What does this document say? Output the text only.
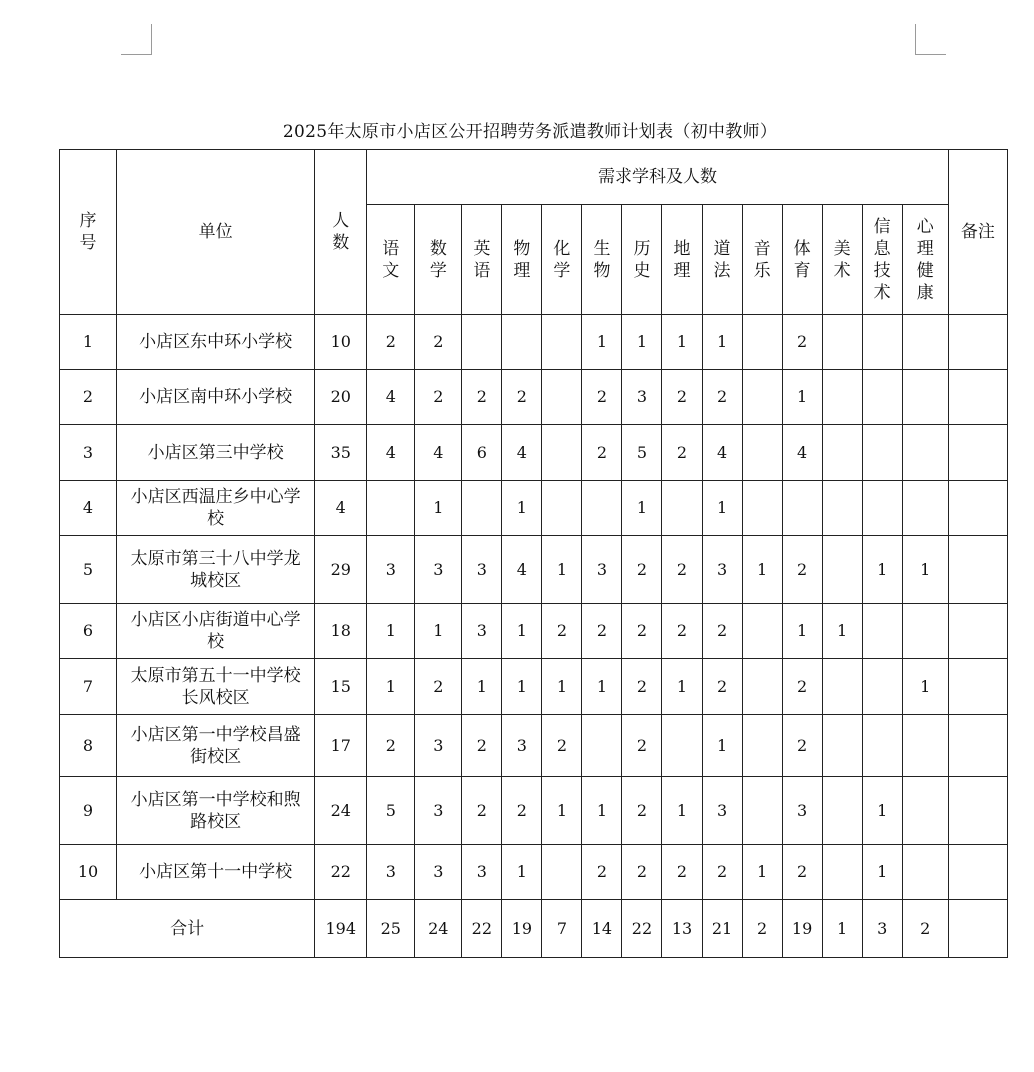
2025年太原市小店区公开招聘劳务派遣教师计划表（初中教师）
序号	单位	人数	需求学科及人数														备注
			语文	数学	英语	物理	化学	生物	历史	地理	道法	音乐	体育	美术	信息技术	心理健康	
1	小店区东中环小学校	10	2	2				1	1	1	1		2				
2	小店区南中环小学校	20	4	2	2	2		2	3	2	2		1				
3	小店区第三中学校	35	4	4	6	4		2	5	2	4		4				
4	小店区西温庄乡中心学校	4		1		1			1		1						
5	太原市第三十八中学龙城校区	29	3	3	3	4	1	3	2	2	3	1	2		1	1	
6	小店区小店街道中心学校	18	1	1	3	1	2	2	2	2	2		1	1			
7	太原市第五十一中学校长风校区	15	1	2	1	1	1	1	2	1	2		2			1	
8	小店区第一中学校昌盛街校区	17	2	3	2	3	2		2		1		2				
9	小店区第一中学校和煦路校区	24	5	3	2	2	1	1	2	1	3		3		1		
10	小店区第十一中学校	22	3	3	3	1		2	2	2	2	1	2		1		
合计		194	25	24	22	19	7	14	22	13	21	2	19	1	3	2	
